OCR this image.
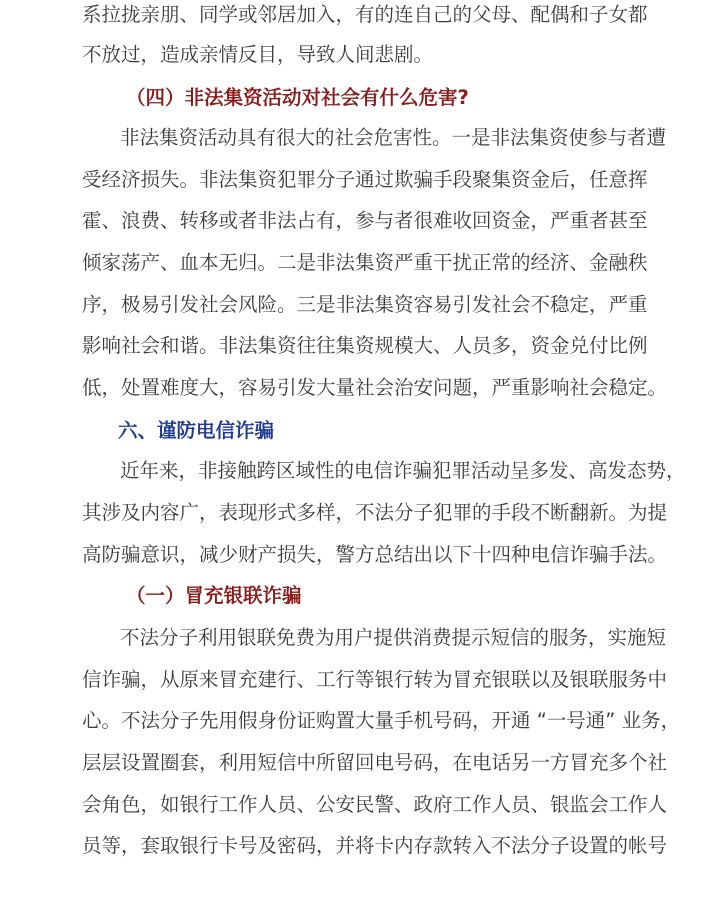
系拉拢亲朋、同学或邻居加入，有的连自己的父母、配偶和子女都
不放过，造成亲情反目，导致人间悲剧。
（四）非法集资活动对社会有什么危害?
非法集资活动具有很大的社会危害性。一是非法集资使参与者遭
受经济损失。非法集资犯罪分子通过欺骗手段聚集资金后，任意挥
霍、浪费、转移或者非法占有，参与者很难收回资金，严重者甚至
倾家荡产、血本无归。二是非法集资严重干扰正常的经济、金融秩
序，极易引发社会风险。三是非法集资容易引发社会不稳定，严重
影响社会和谐。非法集资往往集资规模大、人员多，资金兑付比例
低，处置难度大，容易引发大量社会治安问题，严重影响社会稳定。
六、谨防电信诈骗
近年来，非接触跨区域性的电信诈骗犯罪活动呈多发、高发态势，
其涉及内容广，表现形式多样，不法分子犯罪的手段不断翻新。为提
高防骗意识，减少财产损失，警方总结出以下十四种电信诈骗手法。
（一）冒充银联诈骗
不法分子利用银联免费为用户提供消费提示短信的服务，实施短
信诈骗，从原来冒充建行、工行等银行转为冒充银联以及银联服务中
心。不法分子先用假身份证购置大量手机号码，开通 “一号通” 业务，
层层设置圈套，利用短信中所留回电号码，在电话另一方冒充多个社
会角色，如银行工作人员、公安民警、政府工作人员、银监会工作人
员等，套取银行卡号及密码，并将卡内存款转入不法分子设置的帐号
